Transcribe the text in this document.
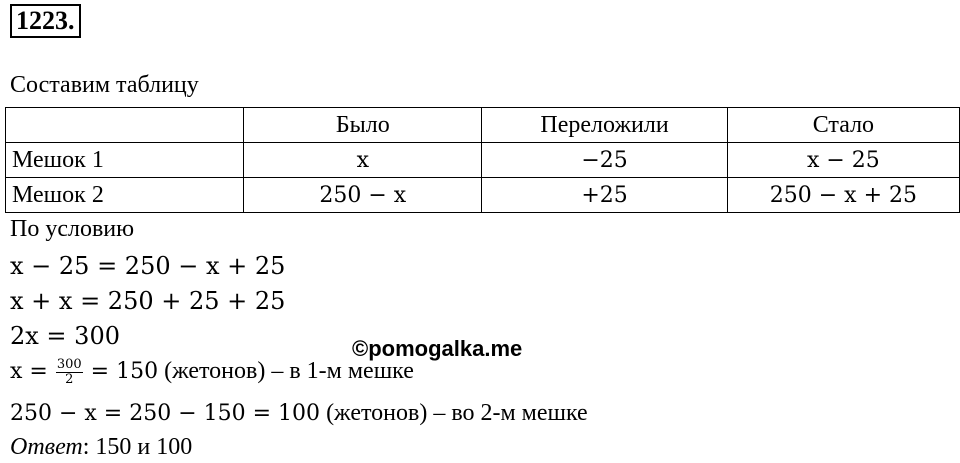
1223.
Составим таблицу
	Было	Переложили	Стало
Мешок 1	x	−25	x − 25
Мешок 2	250 − x	+25	250 − x + 25
По условию
x − 25 = 250 − x + 25
x + x = 250 + 25 + 25
2x = 300
$x = \frac{300}{2} = 150$ (жетонов) – в 1-м мешке
250 − x = 250 − 150 = 100 (жетонов) – во 2-м мешке
Ответ: 150 и 100
©pomogalka.me
